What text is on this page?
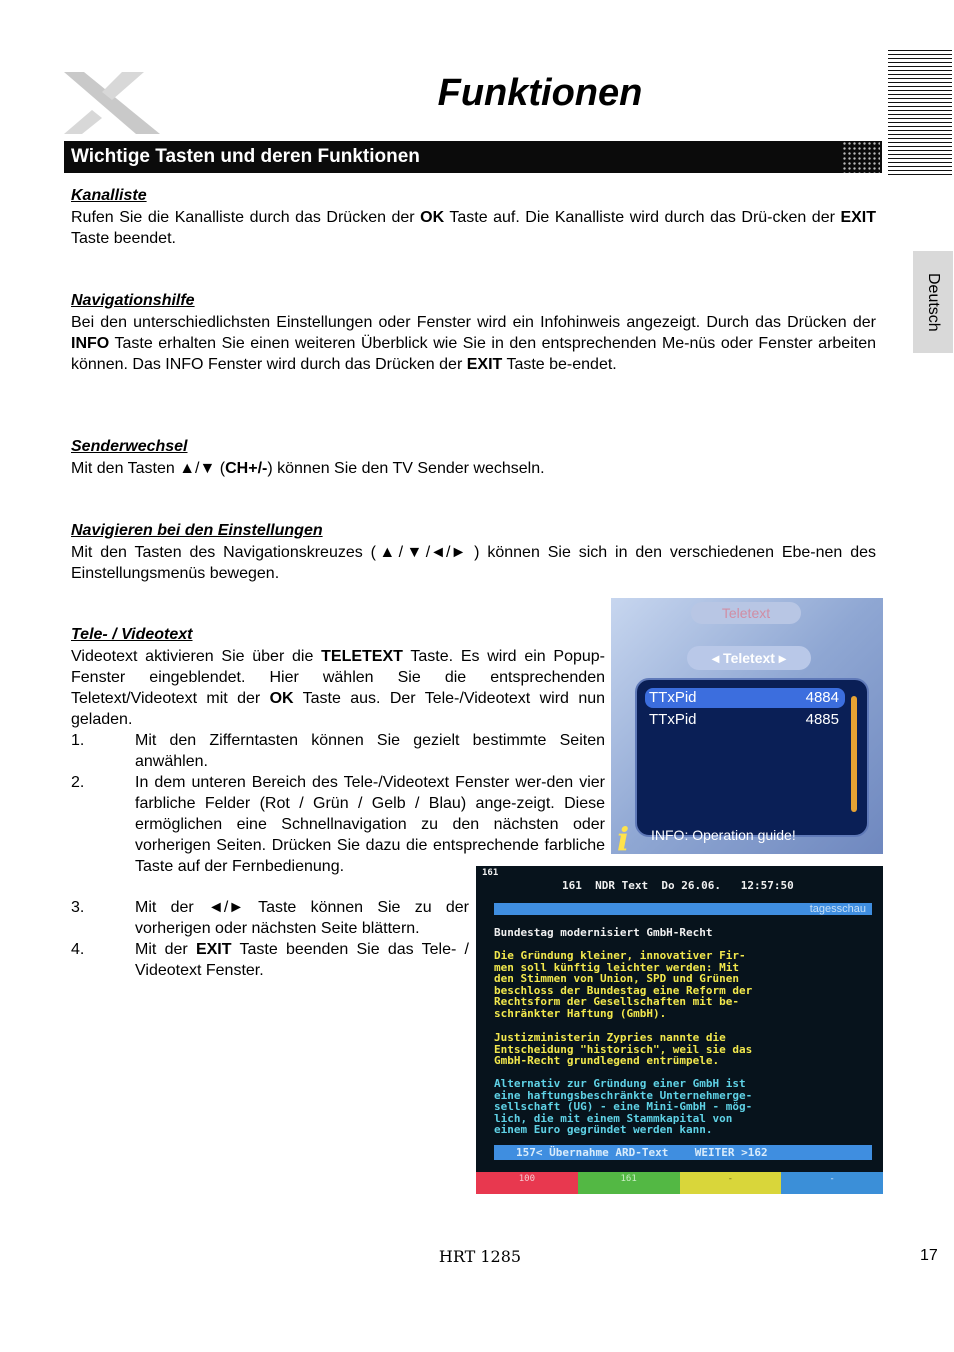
Funktionen
Wichtige Tasten und deren Funktionen
Deutsch
Kanalliste
Rufen Sie die Kanalliste durch das Drücken der OK Taste auf. Die Kanalliste wird durch das Drü-cken der EXIT Taste beendet.
Navigationshilfe
Bei den unterschiedlichsten Einstellungen oder Fenster wird ein Infohinweis angezeigt. Durch das Drücken der INFO Taste erhalten Sie einen weiteren Überblick wie Sie in den entsprechenden Me-nüs oder Fenster arbeiten können. Das INFO Fenster wird durch das Drücken der EXIT Taste be-endet.
Senderwechsel
Mit den Tasten ▲/▼ (CH+/-) können Sie den TV Sender wechseln.
Navigieren bei den Einstellungen
Mit den Tasten des Navigationskreuzes (▲/▼/◄/► ) können Sie sich in den verschiedenen Ebe-nen des Einstellungsmenüs bewegen.
Tele- / Videotext
Videotext aktivieren Sie über die TELETEXT Taste. Es wird ein Popup-Fenster eingeblendet. Hier wählen Sie die entsprechenden Teletext/Videotext mit der OK Taste aus. Der Tele-/Videotext wird nun geladen.
1.	Mit den Zifferntasten können Sie gezielt bestimmte Seiten anwählen.
2.	In dem unteren Bereich des Tele-/Videotext Fenster wer-den vier farbliche Felder (Rot / Grün / Gelb / Blau) ange-zeigt. Diese ermöglichen eine Schnellnavigation zu den nächsten oder vorherigen Seiten. Drücken Sie dazu die entsprechende farbliche Taste auf der Fernbedienung.
3.	Mit der ◄/► Taste können Sie zu der vorherigen oder nächsten Seite blättern.
4.	Mit der EXIT Taste beenden Sie das Tele- / Videotext Fenster.
Teletext
◂ Teletext ▸
TTxPid	4884
TTxPid	4885
i	INFO: Operation guide!
161
161  NDR Text  Do 26.06.   12:57:50
tagesschau
Bundestag modernisiert GmbH-Recht
Die Gründung kleiner, innovativer Fir-
men soll künftig leichter werden: Mit
den Stimmen von Union, SPD und Grünen
beschloss der Bundestag eine Reform der
Rechtsform der Gesellschaften mit be-
schränkter Haftung (GmbH).
Justizministerin Zypries nannte die
Entscheidung "historisch", weil sie das
GmbH-Recht grundlegend entrümpele.
Alternativ zur Gründung einer GmbH ist
eine haftungsbeschränkte Unternehmerge-
sellschaft (UG) - eine Mini-GmbH - mög-
lich, die mit einem Stammkapital von
einem Euro gegründet werden kann.
157< Übernahme ARD-Text    WEITER >162
100	161	-	-
HRT 1285	17
